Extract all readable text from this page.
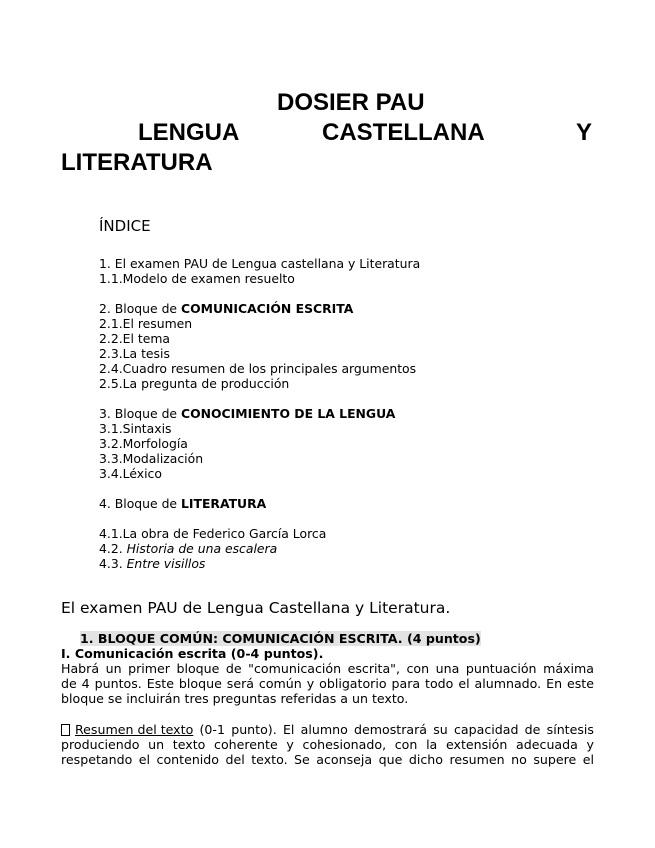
DOSIER PAU
LENGUA	CASTELLANA	Y
LITERATURA
ÍNDICE
1. El examen PAU de Lengua castellana y Literatura
1.1.Modelo de examen resuelto
2. Bloque de COMUNICACIÓN ESCRITA
2.1.El resumen
2.2.El tema
2.3.La tesis
2.4.Cuadro resumen de los principales argumentos
2.5.La pregunta de producción
3. Bloque de CONOCIMIENTO DE LA LENGUA
3.1.Sintaxis
3.2.Morfología
3.3.Modalización
3.4.Léxico
4. Bloque de LITERATURA
4.1.La obra de Federico García Lorca
4.2. Historia de una escalera
4.3. Entre visillos
El examen PAU de Lengua Castellana y Literatura.
1. BLOQUE COMÚN: COMUNICACIÓN ESCRITA. (4 puntos)
I. Comunicación escrita (0-4 puntos).
Habrá un primer bloque de "comunicación escrita", con una puntuación máxima
de 4 puntos. Este bloque será común y obligatorio para todo el alumnado. En este
bloque se incluirán tres preguntas referidas a un texto.
Resumen del texto (0-1 punto). El alumno demostrará su capacidad de síntesis
produciendo un texto coherente y cohesionado, con la extensión adecuada y
respetando el contenido del texto. Se aconseja que dicho resumen no supere el
